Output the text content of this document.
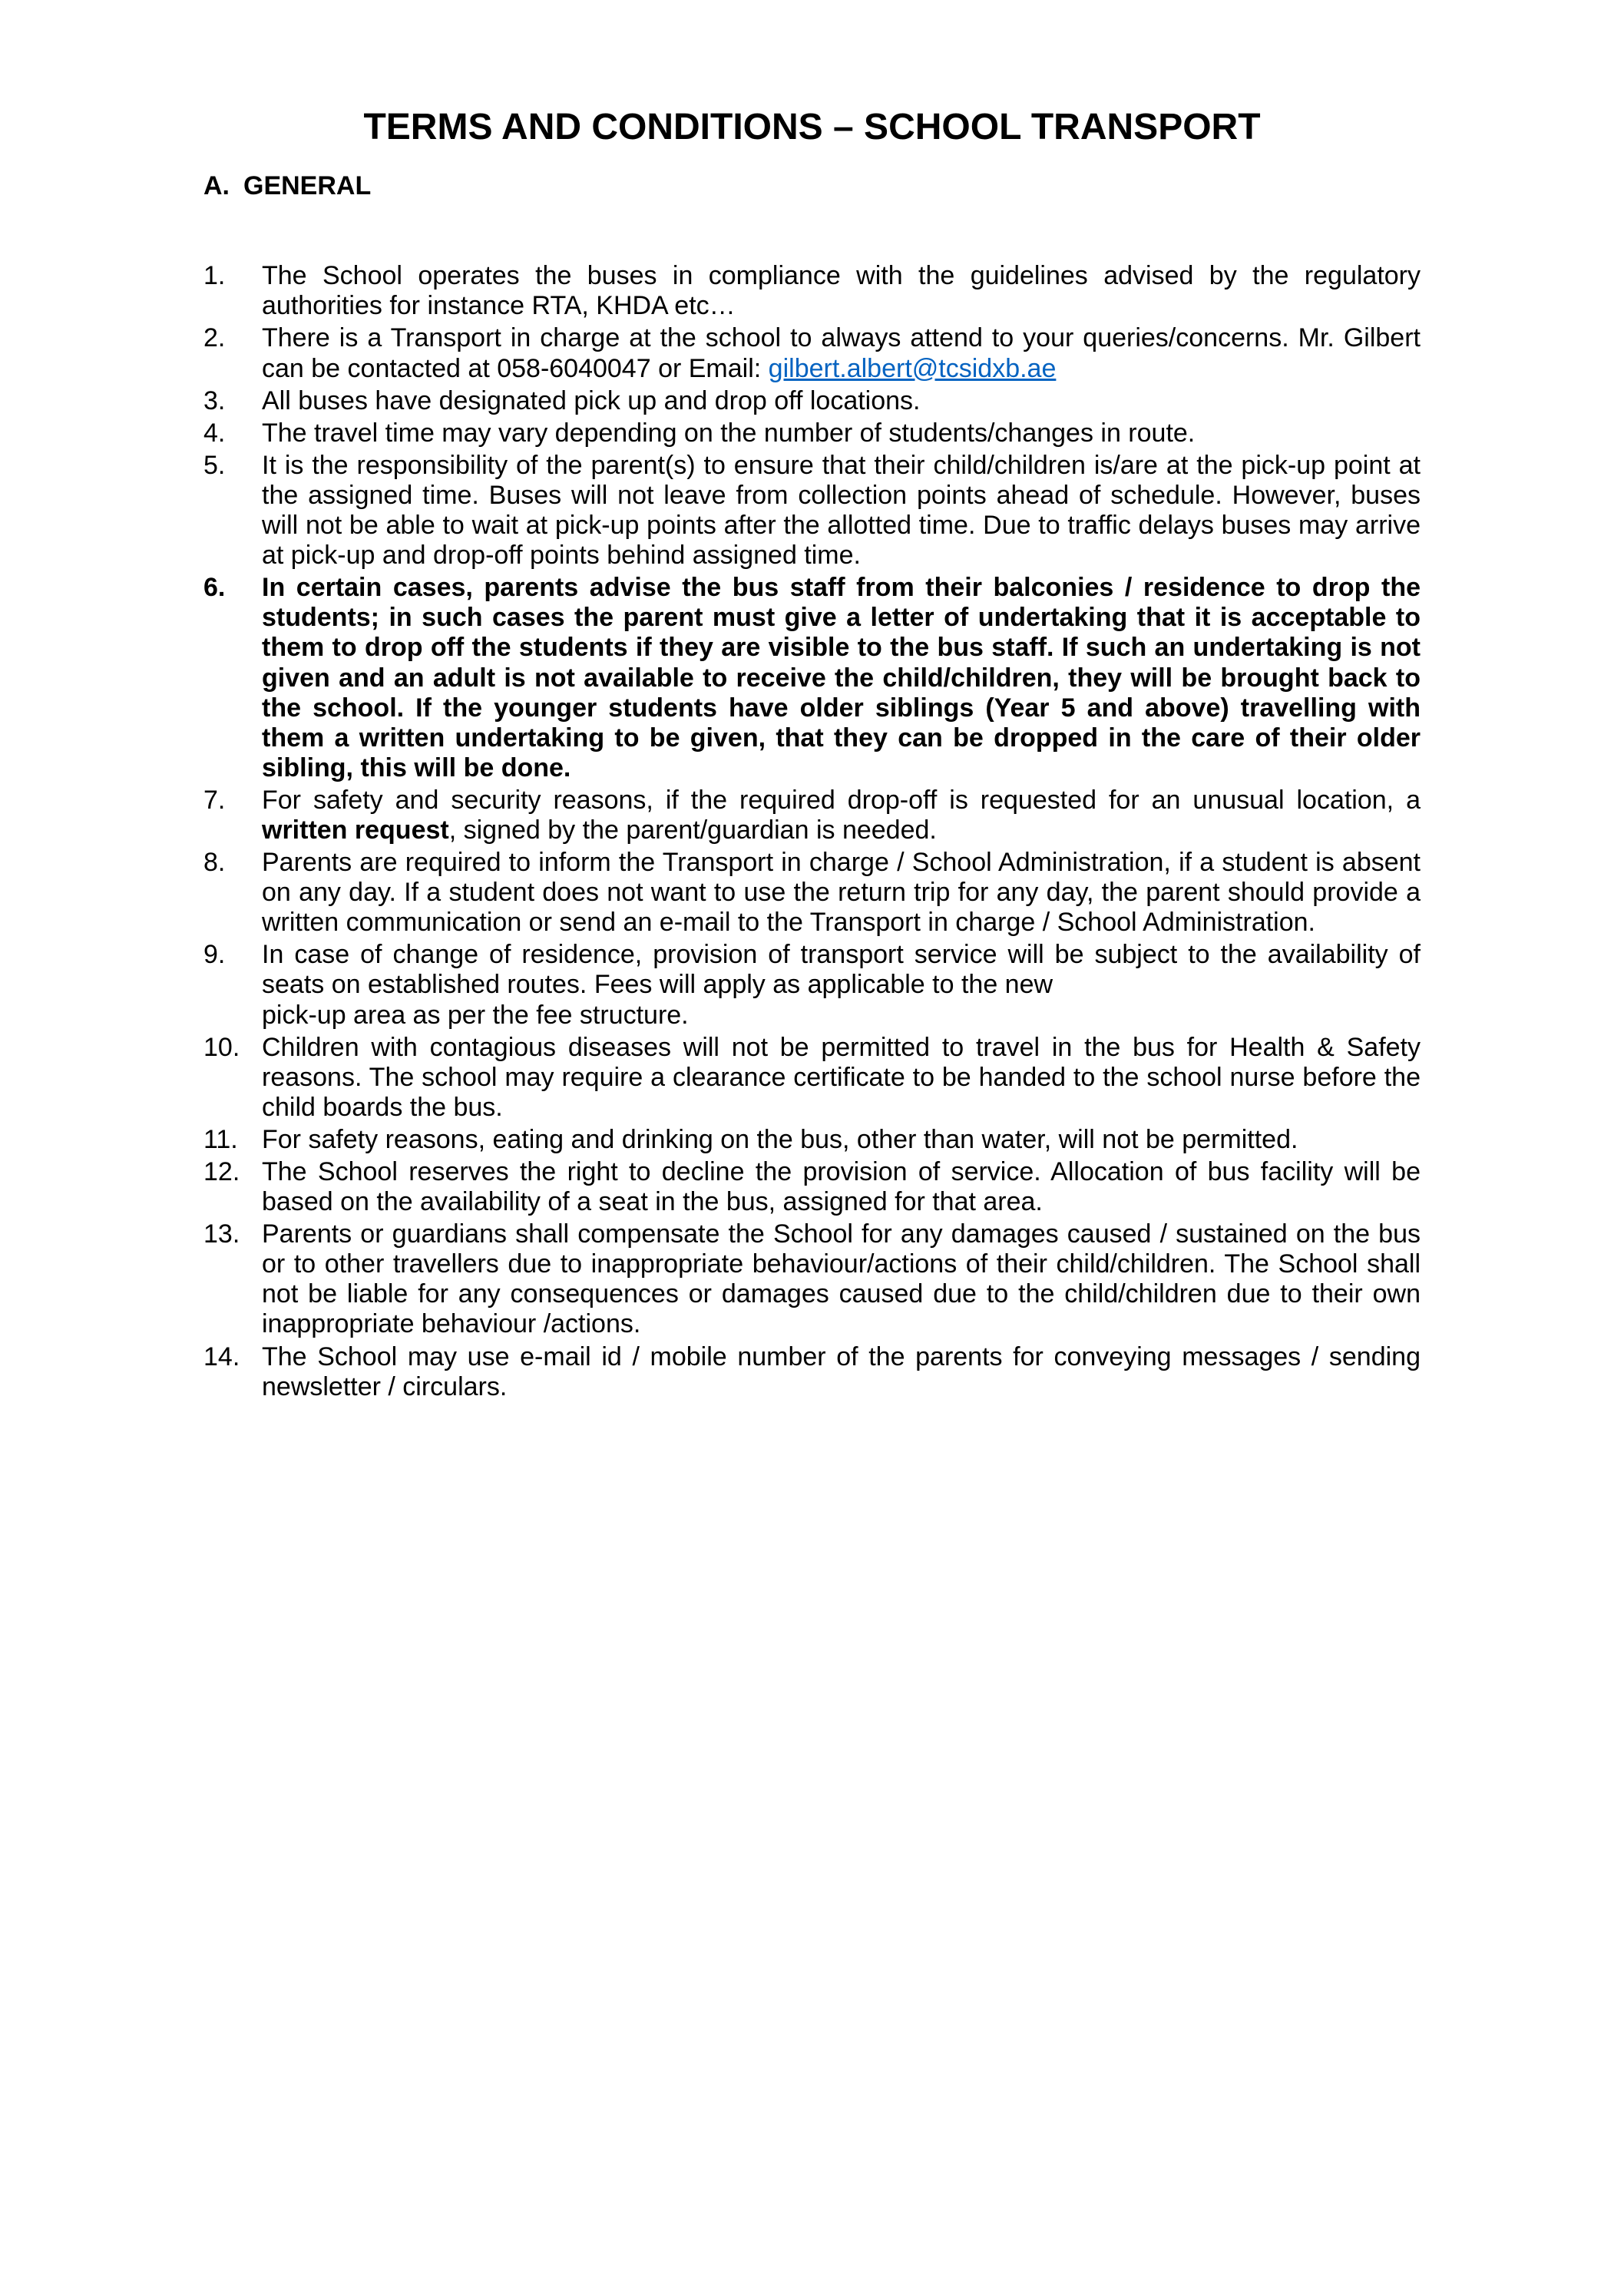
TERMS AND CONDITIONS – SCHOOL TRANSPORT
A. GENERAL
1.	The School operates the buses in compliance with the guidelines advised by the regulatory authorities for instance RTA, KHDA etc…
2.	There is a Transport in charge at the school to always attend to your queries/concerns. Mr. Gilbert can be contacted at 058-6040047 or Email: gilbert.albert@tcsidxb.ae
3.	All buses have designated pick up and drop off locations.
4.	The travel time may vary depending on the number of students/changes in route.
5.	It is the responsibility of the parent(s) to ensure that their child/children is/are at the pick-up point at the assigned time. Buses will not leave from collection points ahead of schedule. However, buses will not be able to wait at pick-up points after the allotted time. Due to traffic delays buses may arrive at pick-up and drop-off points behind assigned time.
6.	In certain cases, parents advise the bus staff from their balconies / residence to drop the students; in such cases the parent must give a letter of undertaking that it is acceptable to them to drop off the students if they are visible to the bus staff. If such an undertaking is not given and an adult is not available to receive the child/children, they will be brought back to the school. If the younger students have older siblings (Year 5 and above) travelling with them a written undertaking to be given, that they can be dropped in the care of their older sibling, this will be done.
7.	For safety and security reasons, if the required drop-off is requested for an unusual location, a written request, signed by the parent/guardian is needed.
8.	Parents are required to inform the Transport in charge / School Administration, if a student is absent on any day. If a student does not want to use the return trip for any day, the parent should provide a written communication or send an e-mail to the Transport in charge / School Administration.
9.	In case of change of residence, provision of transport service will be subject to the availability of seats on established routes. Fees will apply as applicable to the new
pick-up area as per the fee structure.
10. Children with contagious diseases will not be permitted to travel in the bus for Health & Safety reasons. The school may require a clearance certificate to be handed to the school nurse before the child boards the bus.
11. For safety reasons, eating and drinking on the bus, other than water, will not be permitted.
12. The School reserves the right to decline the provision of service. Allocation of bus facility will be based on the availability of a seat in the bus, assigned for that area.
13. Parents or guardians shall compensate the School for any damages caused / sustained on the bus or to other travellers due to inappropriate behaviour/actions of their child/children. The School shall not be liable for any consequences or damages caused due to the child/children due to their own inappropriate behaviour /actions.
14. The School may use e-mail id / mobile number of the parents for conveying messages / sending newsletter / circulars.
